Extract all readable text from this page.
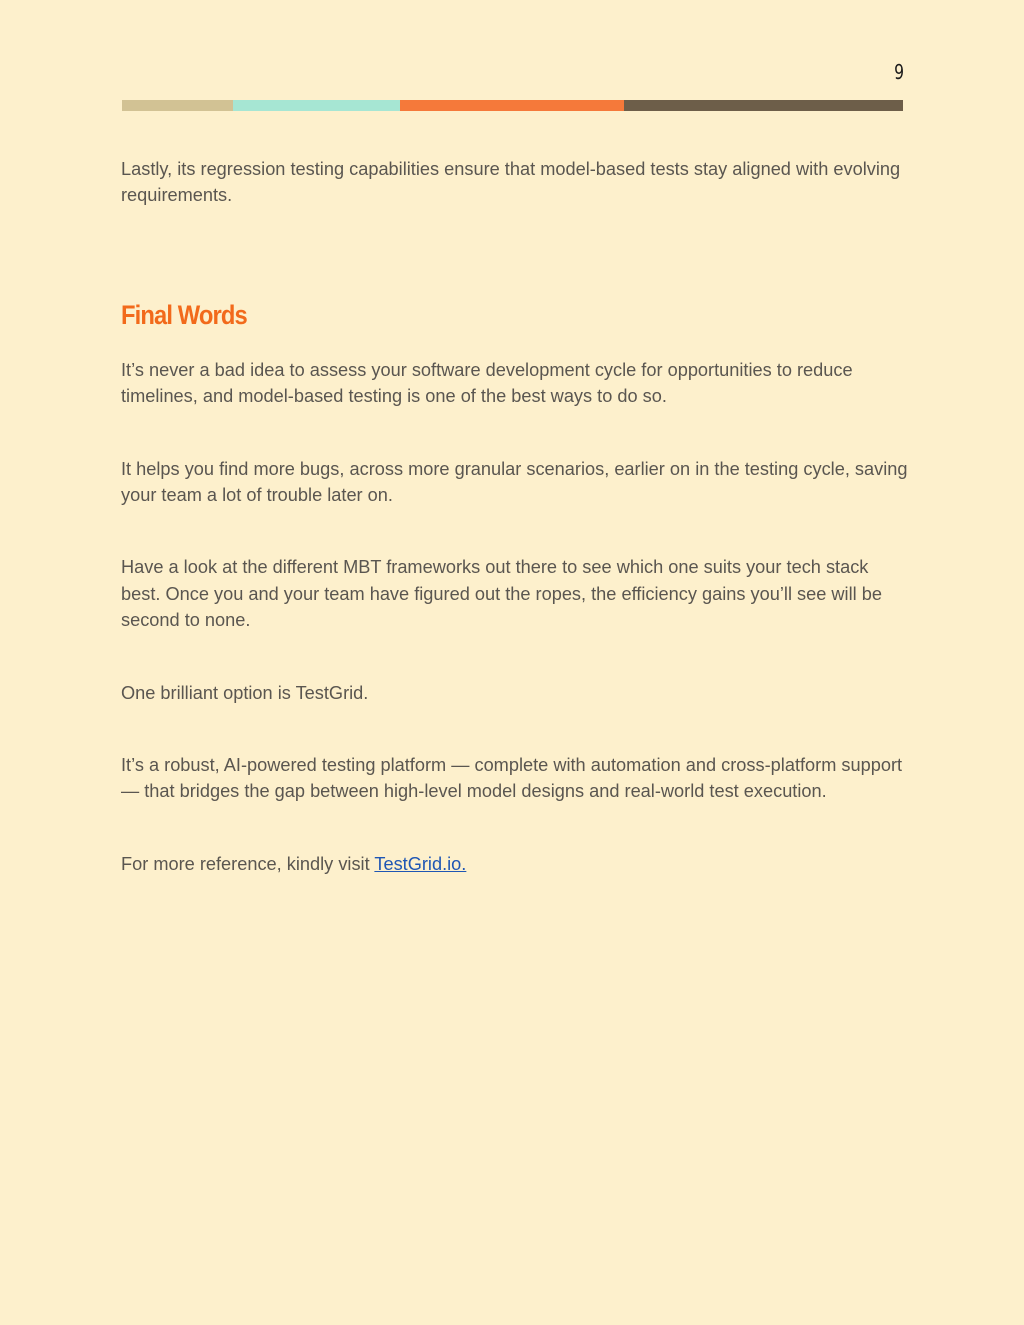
9

Lastly, its regression testing capabilities ensure that model-based tests stay aligned with evolving requirements.

Final Words

It’s never a bad idea to assess your software development cycle for opportunities to reduce timelines, and model-based testing is one of the best ways to do so.

It helps you find more bugs, across more granular scenarios, earlier on in the testing cycle, saving your team a lot of trouble later on.

Have a look at the different MBT frameworks out there to see which one suits your tech stack best. Once you and your team have figured out the ropes, the efficiency gains you’ll see will be second to none.

One brilliant option is TestGrid.

It’s a robust, AI-powered testing platform — complete with automation and cross-platform support — that bridges the gap between high-level model designs and real-world test execution.

For more reference, kindly visit TestGrid.io.
